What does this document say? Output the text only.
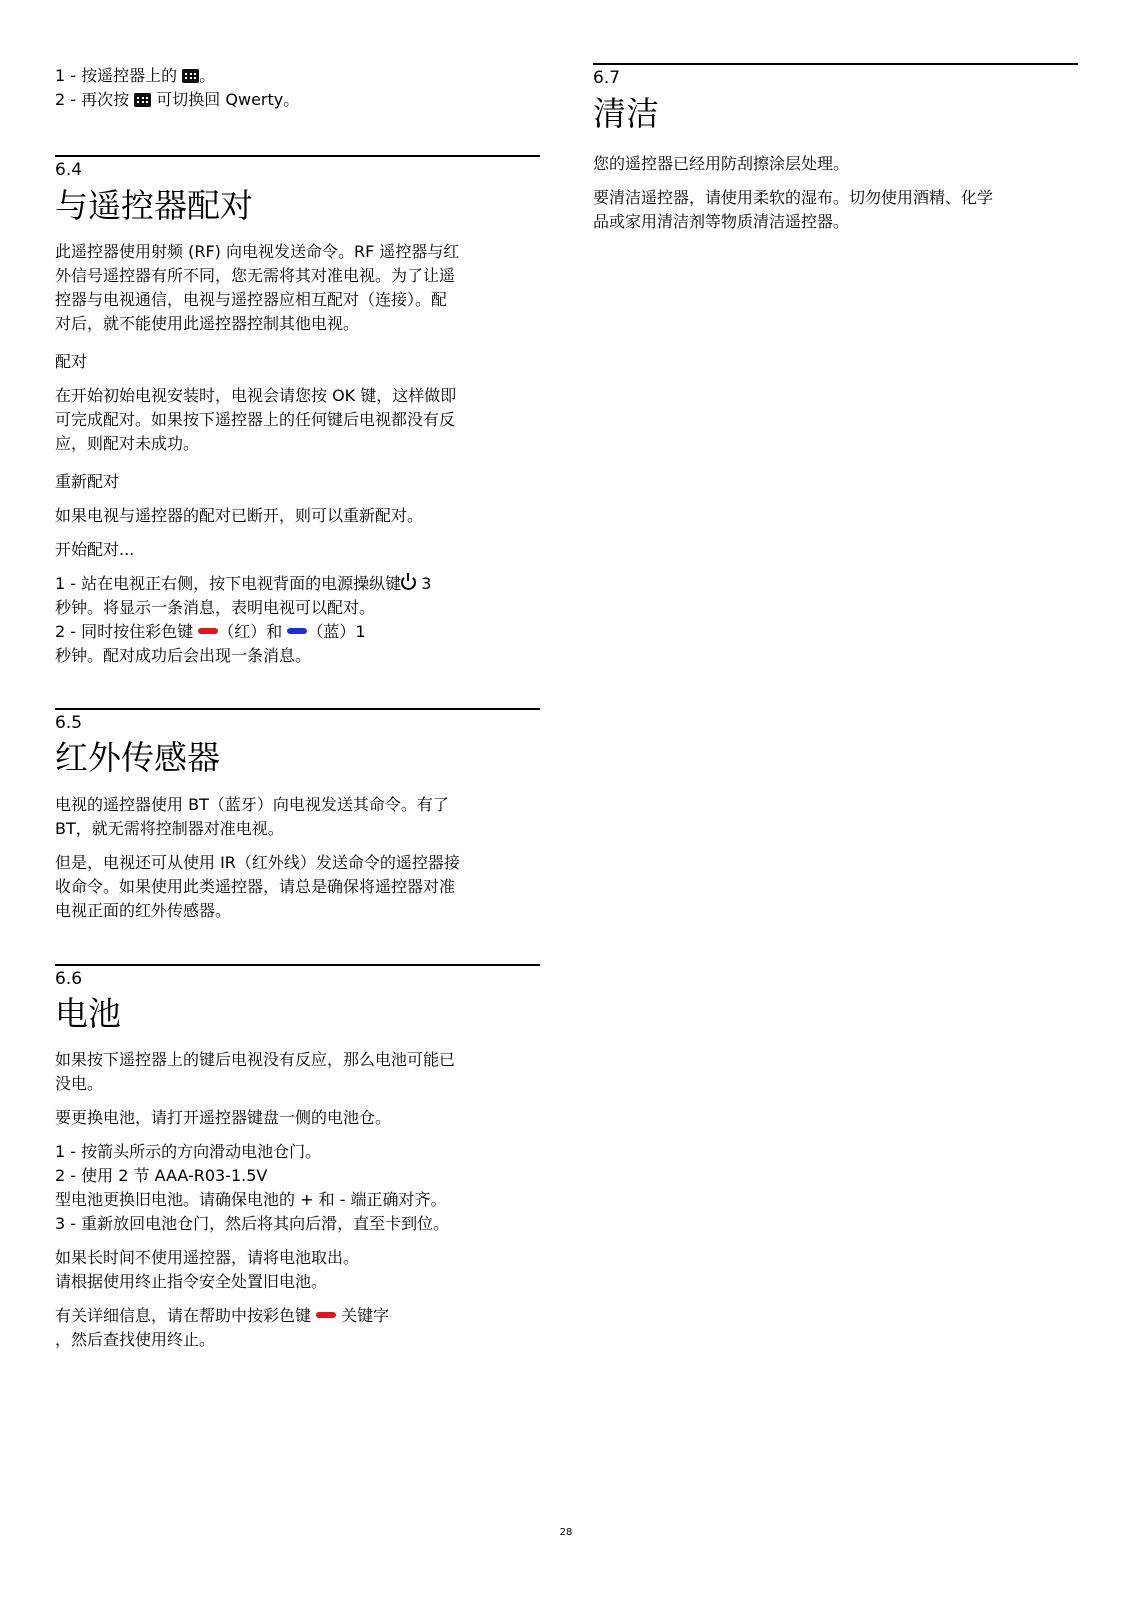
1 - 按遥控器上的 。
2 - 再次按  可切换回 Qwerty。
6.4
与遥控器配对

此遥控器使用射频 (RF) 向电视发送命令。RF 遥控器与红
外信号遥控器有所不同，您无需将其对准电视。为了让遥
控器与电视通信，电视与遥控器应相互配对（连接）。配
对后，就不能使用此遥控器控制其他电视。

配对

在开始初始电视安装时，电视会请您按 OK 键，这样做即
可完成配对。如果按下遥控器上的任何键后电视都没有反
应，则配对未成功。

重新配对

如果电视与遥控器的配对已断开，则可以重新配对。

开始配对...

1 - 站在电视正右侧，按下电视背面的电源操纵键 3
秒钟。将显示一条消息，表明电视可以配对。
2 - 同时按住彩色键 （红）和 （蓝）1
秒钟。配对成功后会出现一条消息。

6.5
红外传感器

电视的遥控器使用 BT（蓝牙）向电视发送其命令。有了
BT，就无需将控制器对准电视。

但是，电视还可从使用 IR（红外线）发送命令的遥控器接
收命令。如果使用此类遥控器，请总是确保将遥控器对准
电视正面的红外传感器。

6.6
电池

如果按下遥控器上的键后电视没有反应，那么电池可能已
没电。

要更换电池，请打开遥控器键盘一侧的电池仓。

1 - 按箭头所示的方向滑动电池仓门。
2 - 使用 2 节 AAA-R03-1.5V
型电池更换旧电池。请确保电池的 + 和 - 端正确对齐。
3 - 重新放回电池仓门，然后将其向后滑，直至卡到位。

如果长时间不使用遥控器，请将电池取出。
请根据使用终止指令安全处置旧电池。

有关详细信息，请在帮助中按彩色键  关键字
，然后查找使用终止。

6.7
清洁

您的遥控器已经用防刮擦涂层处理。

要清洁遥控器，请使用柔软的湿布。切勿使用酒精、化学
品或家用清洁剂等物质清洁遥控器。

28
